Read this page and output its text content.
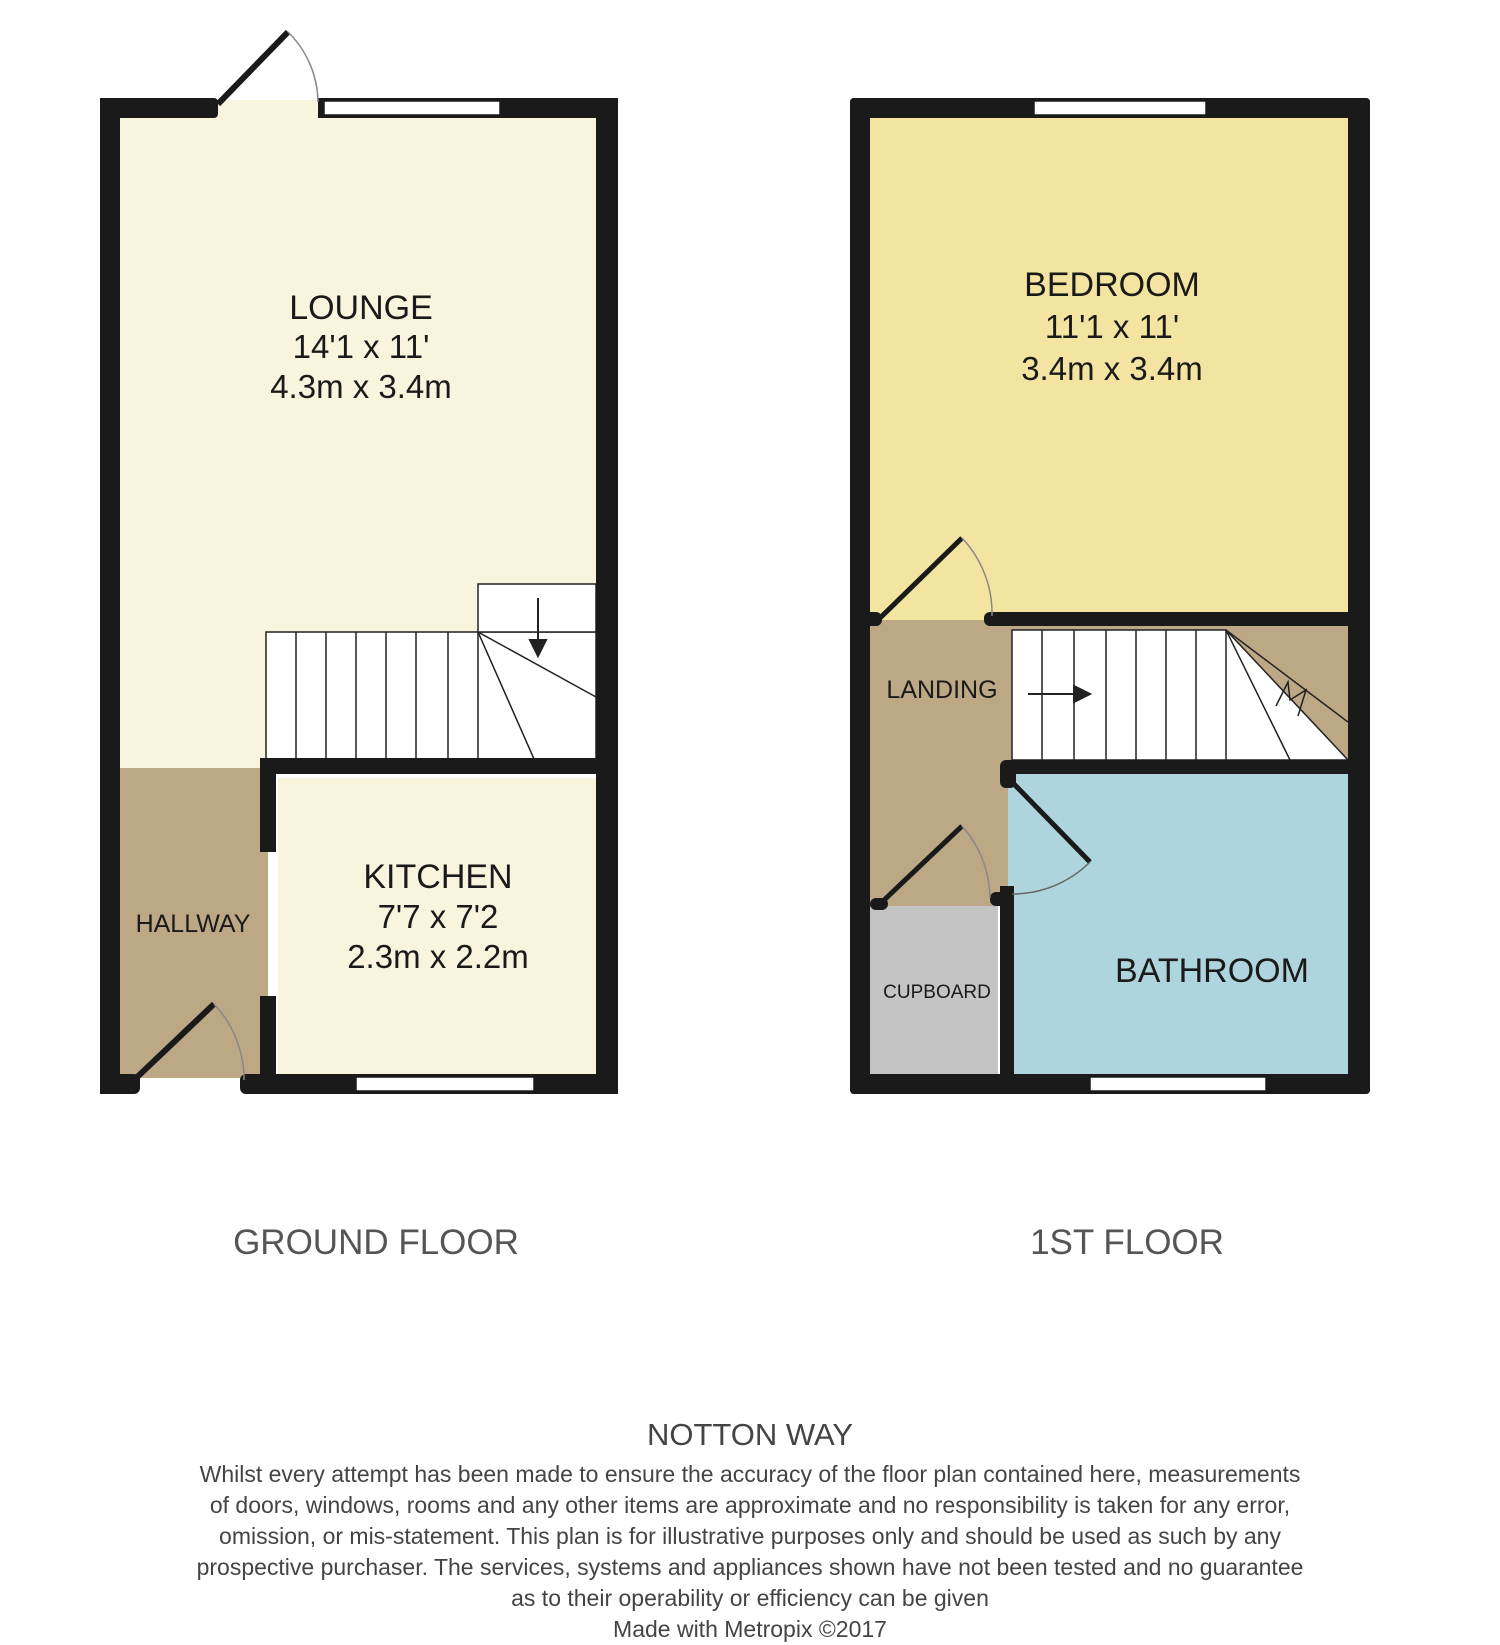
LOUNGE
14'1 x 11'
4.3m x 3.4m
KITCHEN
7'7 x 7'2
2.3m x 2.2m
HALLWAY
GROUND FLOOR
BEDROOM
11'1 x 11'
3.4m x 3.4m
LANDING
BATHROOM
CUPBOARD
1ST FLOOR
NOTTON WAY
Whilst every attempt has been made to ensure the accuracy of the floor plan contained here, measurements
of doors, windows, rooms and any other items are approximate and no responsibility is taken for any error,
omission, or mis-statement. This plan is for illustrative purposes only and should be used as such by any
prospective purchaser. The services, systems and appliances shown have not been tested and no guarantee
as to their operability or efficiency can be given
Made with Metropix ©2017
